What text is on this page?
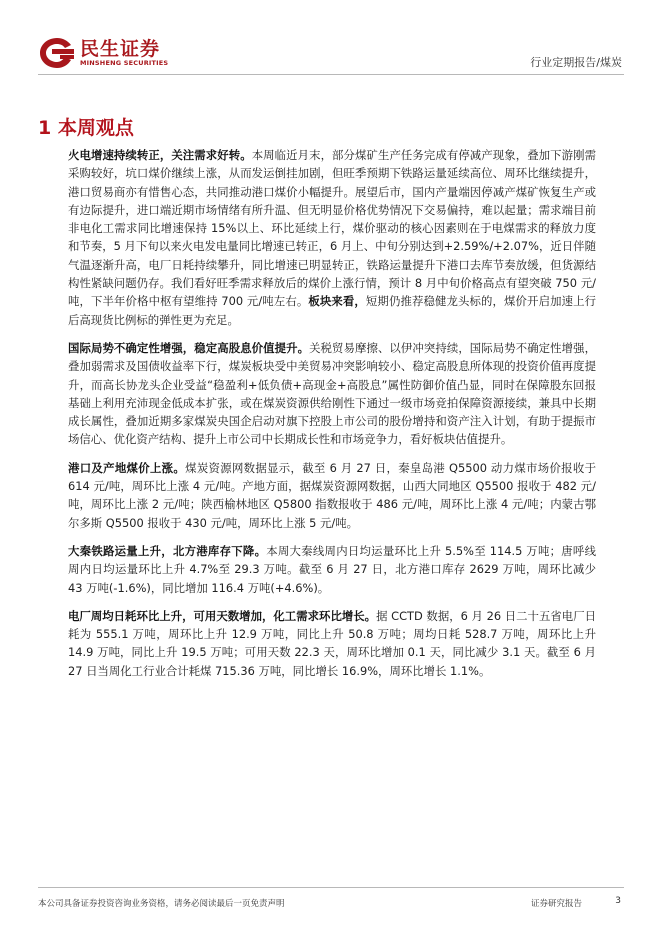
民生证券
MINSHENG SECURITIES	行业定期报告/煤炭
1 本周观点

火电增速持续转正，关注需求好转。本周临近月末，部分煤矿生产任务完成有停减产现象，叠加下游刚需采购较好，坑口煤价继续上涨，从而发运倒挂加剧，但旺季预期下铁路运量延续高位、周环比继续提升，港口贸易商亦有惜售心态，共同推动港口煤价小幅提升。展望后市，国内产量端因停减产煤矿恢复生产或有边际提升，进口端近期市场情绪有所升温、但无明显价格优势情况下交易偏持，难以起量；需求端目前非电化工需求同比增速保持 15%以上、环比延续上行，煤价驱动的核心因素则在于电煤需求的释放力度和节奏，5 月下旬以来火电发电量同比增速已转正，6 月上、中旬分别达到+2.59%/+2.07%，近日伴随气温逐渐升高，电厂日耗持续攀升，同比增速已明显转正，铁路运量提升下港口去库节奏放缓，但货源结构性紧缺问题仍存。我们看好旺季需求释放后的煤价上涨行情，预计 8 月中旬价格高点有望突破 750 元/吨，下半年价格中枢有望维持 700 元/吨左右。板块来看，短期仍推荐稳健龙头标的，煤价开启加速上行后高现货比例标的弹性更为充足。

国际局势不确定性增强，稳定高股息价值提升。关税贸易摩擦、以伊冲突持续，国际局势不确定性增强，叠加弱需求及国债收益率下行，煤炭板块受中美贸易冲突影响较小、稳定高股息所体现的投资价值再度提升，而高长协龙头企业受益“稳盈利+低负债+高现金+高股息”属性防御价值凸显，同时在保障股东回报基础上利用充沛现金低成本扩张，或在煤炭资源供给刚性下通过一级市场竞拍保障资源接续，兼具中长期成长属性，叠加近期多家煤炭央国企启动对旗下控股上市公司的股份增持和资产注入计划，有助于提振市场信心、优化资产结构、提升上市公司中长期成长性和市场竞争力，看好板块估值提升。

港口及产地煤价上涨。煤炭资源网数据显示，截至 6 月 27 日，秦皇岛港 Q5500 动力煤市场价报收于 614 元/吨，周环比上涨 4 元/吨。产地方面，据煤炭资源网数据，山西大同地区 Q5500 报收于 482 元/吨，周环比上涨 2 元/吨；陕西榆林地区 Q5800 指数报收于 486 元/吨，周环比上涨 4 元/吨；内蒙古鄂尔多斯 Q5500 报收于 430 元/吨，周环比上涨 5 元/吨。

大秦铁路运量上升，北方港库存下降。本周大秦线周内日均运量环比上升 5.5%至 114.5 万吨；唐呼线周内日均运量环比上升 4.7%至 29.3 万吨。截至 6 月 27 日，北方港口库存 2629 万吨，周环比减少 43 万吨(-1.6%)，同比增加 116.4 万吨(+4.6%)。

电厂周均日耗环比上升，可用天数增加，化工需求环比增长。据 CCTD 数据，6 月 26 日二十五省电厂日耗为 555.1 万吨，周环比上升 12.9 万吨，同比上升 50.8 万吨；周均日耗 528.7 万吨，周环比上升 14.9 万吨，同比上升 19.5 万吨；可用天数 22.3 天，周环比增加 0.1 天，同比减少 3.1 天。截至 6 月 27 日当周化工行业合计耗煤 715.36 万吨，同比增长 16.9%，周环比增长 1.1%。

本公司具备证券投资咨询业务资格，请务必阅读最后一页免责声明	证券研究报告	3
